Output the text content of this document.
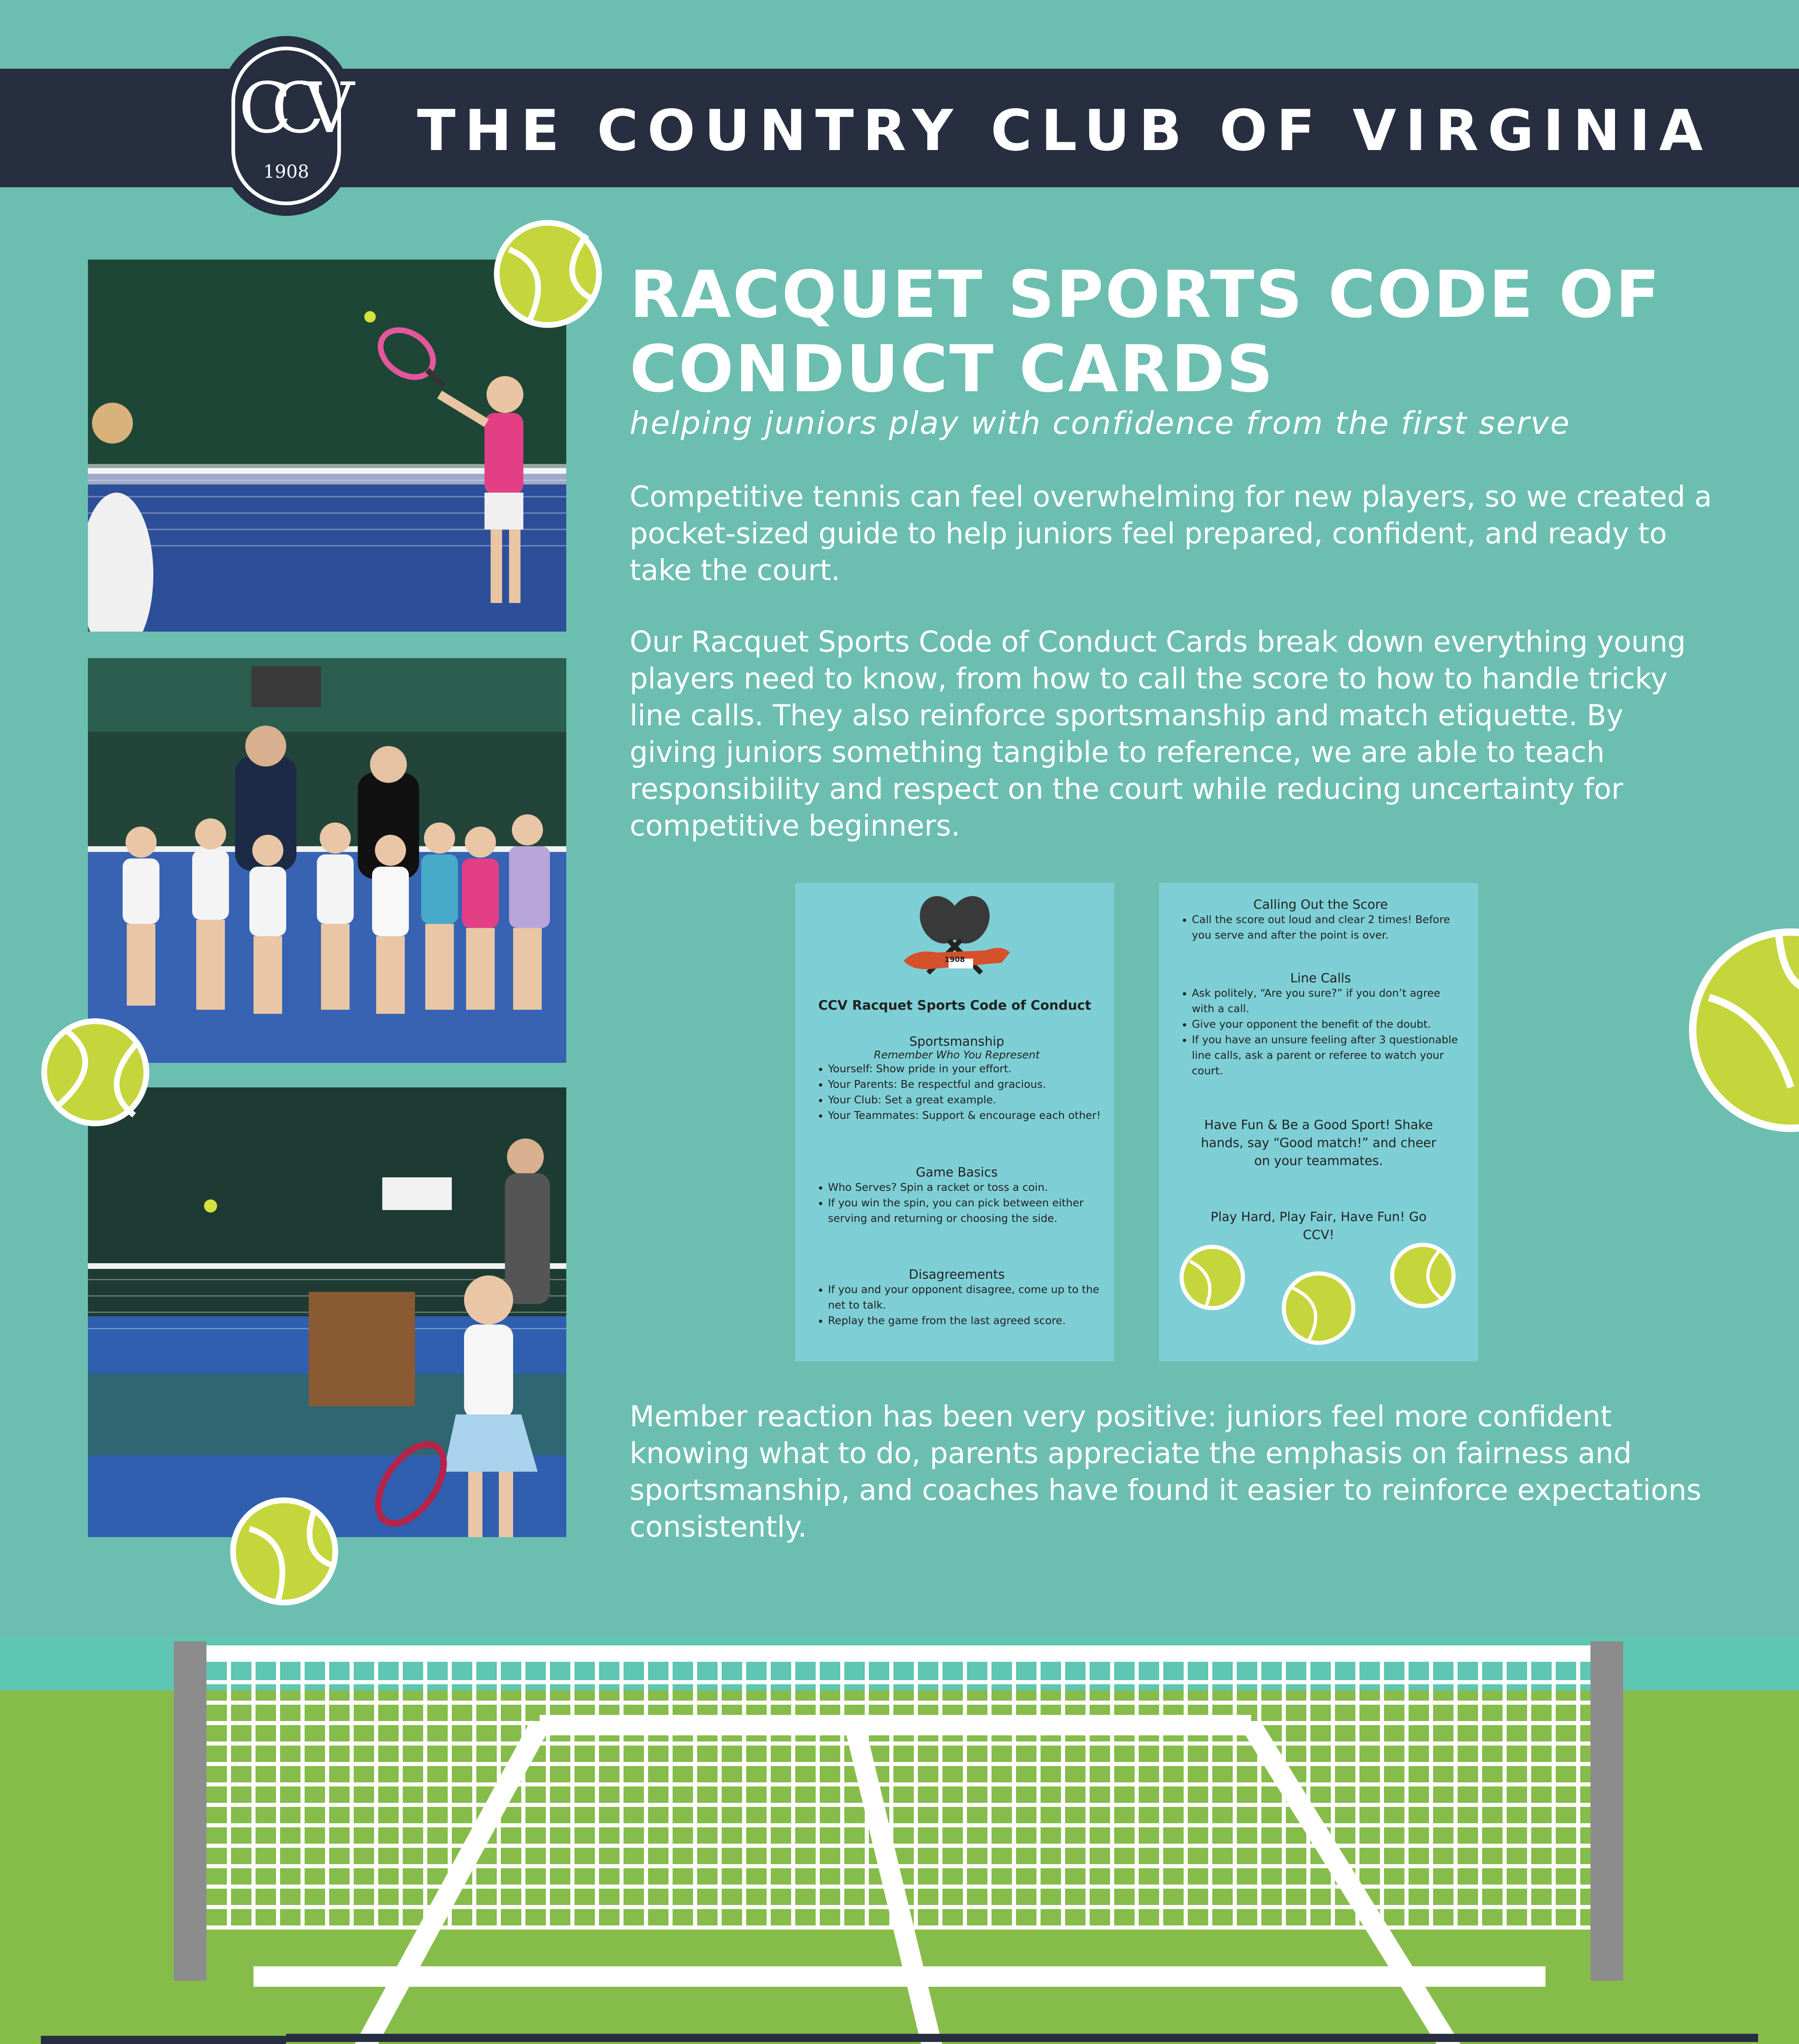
THE COUNTRY CLUB OF VIRGINIA
CCV
1908
RACQUET SPORTS CODE OF CONDUCT CARDS
helping juniors play with confidence from the first serve
Competitive tennis can feel overwhelming for new players, so we created a pocket-sized guide to help juniors feel prepared, confident, and ready to take the court.
Our Racquet Sports Code of Conduct Cards break down everything young players need to know, from how to call the score to how to handle tricky line calls. They also reinforce sportsmanship and match etiquette. By giving juniors something tangible to reference, we are able to teach responsibility and respect on the court while reducing uncertainty for competitive beginners.
Member reaction has been very positive: juniors feel more confident knowing what to do, parents appreciate the emphasis on fairness and sportsmanship, and coaches have found it easier to reinforce expectations consistently.
1908
CCV Racquet Sports Code of Conduct

Sportsmanship

Remember Who You Represent

• Yourself: Show pride in your effort.
• Your Parents: Be respectful and gracious.
• Your Club: Set a great example.
• Your Teammates: Support & encourage each other!

Game Basics

• Who Serves? Spin a racket or toss a coin.
• If you win the spin, you can pick between either serving and returning or choosing the side.

Disagreements

• If you and your opponent disagree, come up to the net to talk.
• Replay the game from the last agreed score.

Calling Out the Score

• Call the score out loud and clear 2 times! Before you serve and after the point is over.

Line Calls

• Ask politely, “Are you sure?” if you don’t agree with a call.
• Give your opponent the benefit of the doubt.
• If you have an unsure feeling after 3 questionable line calls, ask a parent or referee to watch your court.
Have Fun & Be a Good Sport! Shake hands, say “Good match!” and cheer on your teammates.
Play Hard, Play Fair, Have Fun! Go CCV!
